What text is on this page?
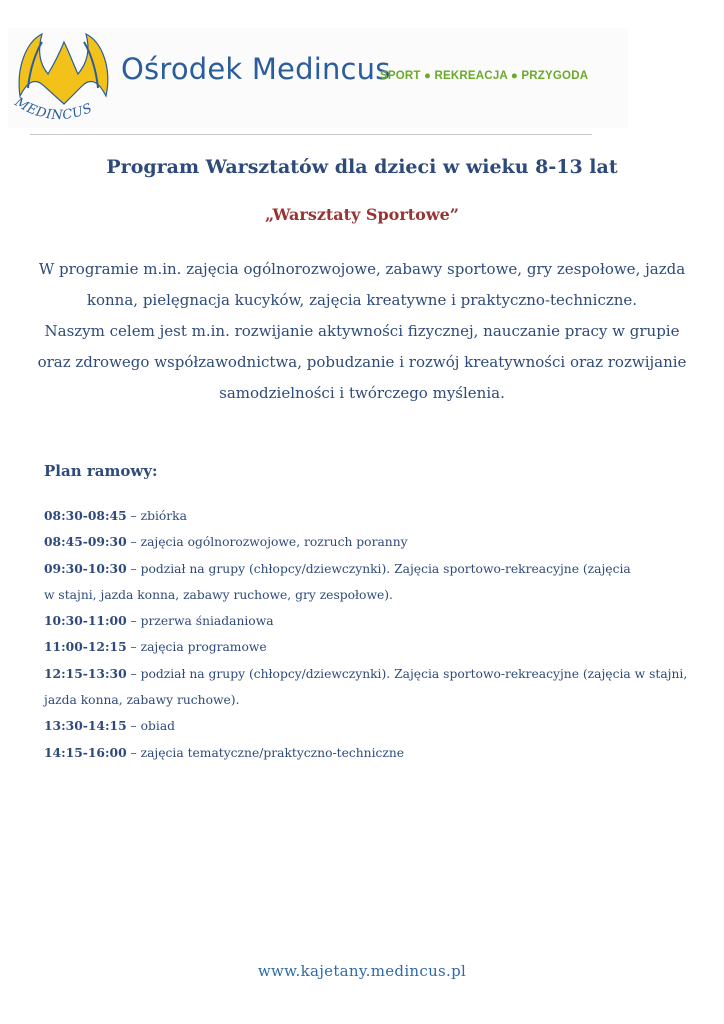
MEDINCUS
Ośrodek Medincus
SPORT ● REKREACJA ● PRZYGODA
Program Warsztatów dla dzieci w wieku 8-13 lat
„Warsztaty Sportowe”

W programie m.in. zajęcia ogólnorozwojowe, zabawy sportowe, gry zespołowe, jazda

konna, pielęgnacja kucyków, zajęcia kreatywne i praktyczno-techniczne.

Naszym celem jest m.in. rozwijanie aktywności fizycznej, nauczanie pracy w grupie

oraz zdrowego współzawodnictwa, pobudzanie i rozwój kreatywności oraz rozwijanie

samodzielności i twórczego myślenia.

Plan ramowy:
08:30-08:45 – zbiórka
08:45-09:30 – zajęcia ogólnorozwojowe, rozruch poranny
09:30-10:30 – podział na grupy (chłopcy/dziewczynki). Zajęcia sportowo-rekreacyjne (zajęcia
w stajni, jazda konna, zabawy ruchowe, gry zespołowe).
10:30-11:00 – przerwa śniadaniowa
11:00-12:15 – zajęcia programowe
12:15-13:30 – podział na grupy (chłopcy/dziewczynki). Zajęcia sportowo-rekreacyjne (zajęcia w stajni,
jazda konna, zabawy ruchowe).
13:30-14:15 – obiad
14:15-16:00 – zajęcia tematyczne/praktyczno-techniczne
www.kajetany.medincus.pl
